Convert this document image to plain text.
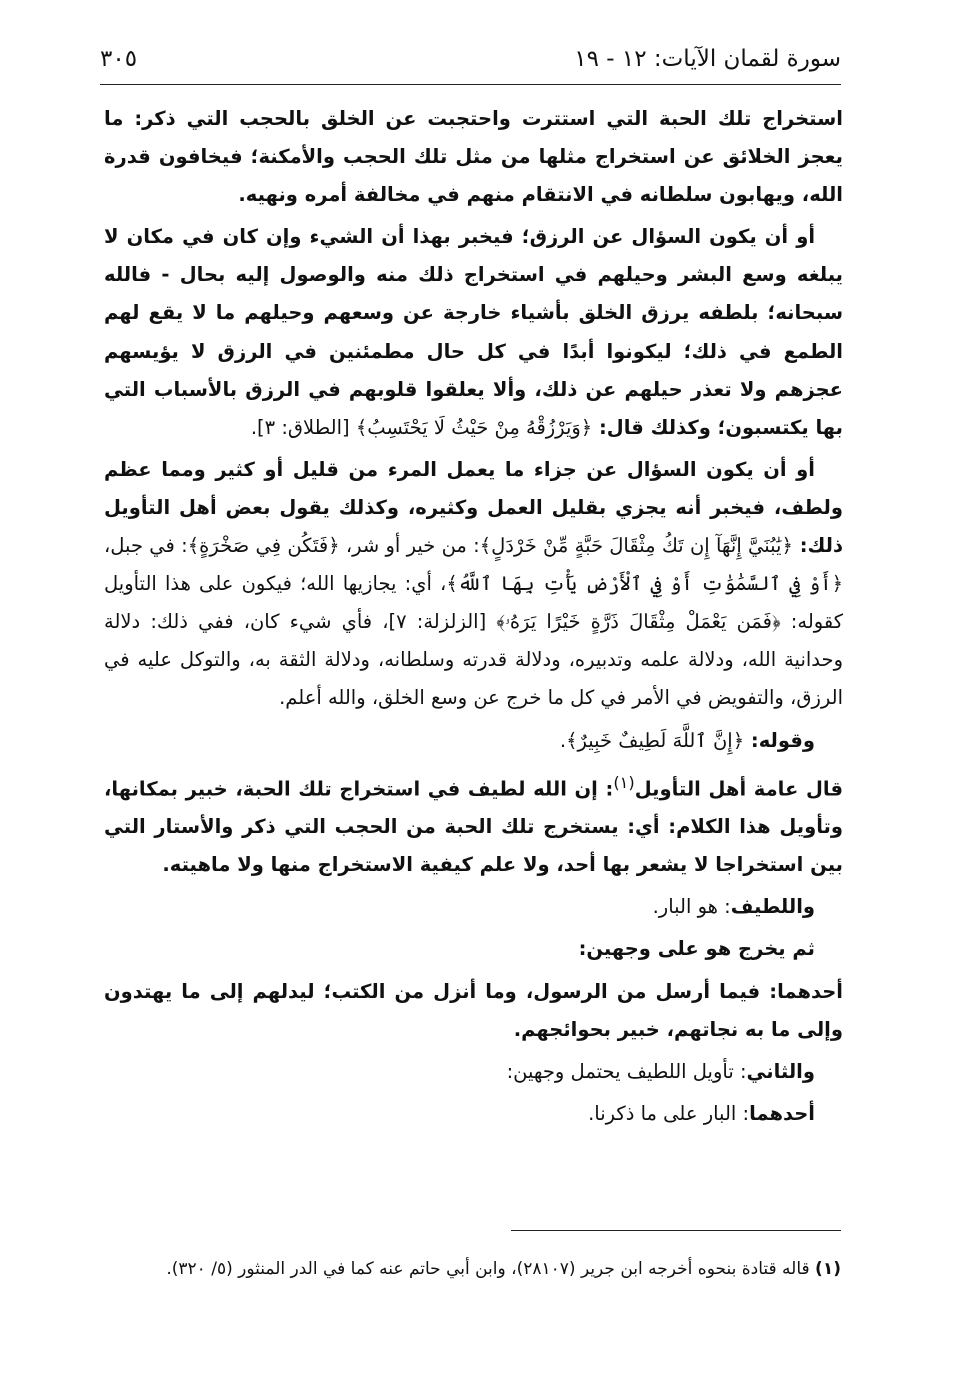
سورة لقمان الآيات: ١٢ - ١٩
٣٠٥

استخراج تلك الحبة التي استترت واحتجبت عن الخلق بالحجب التي ذكر: ما يعجز الخلائق عن استخراج مثلها من مثل تلك الحجب والأمكنة؛ فيخافون قدرة الله، ويهابون سلطانه في الانتقام منهم في مخالفة أمره ونهيه.

أو أن يكون السؤال عن الرزق؛ فيخبر بهذا أن الشيء وإن كان في مكان لا يبلغه وسع البشر وحيلهم في استخراج ذلك منه والوصول إليه بحال - فالله سبحانه؛ بلطفه يرزق الخلق بأشياء خارجة عن وسعهم وحيلهم ما لا يقع لهم الطمع في ذلك؛ ليكونوا أبدًا في كل حال مطمئنين في الرزق لا يؤيسهم عجزهم ولا تعذر حيلهم عن ذلك، وألا يعلقوا قلوبهم في الرزق بالأسباب التي بها يكتسبون؛ وكذلك قال: ﴿وَيَرْزُقْهُ مِنْ حَيْثُ لَا يَحْتَسِبُ﴾ [الطلاق: ٣].

أو أن يكون السؤال عن جزاء ما يعمل المرء من قليل أو كثير ومما عظم ولطف، فيخبر أنه يجزي بقليل العمل وكثيره، وكذلك يقول بعض أهل التأويل ذلك: ﴿يَٰبُنَيَّ إِنَّهَآ إِن تَكُ مِثْقَالَ حَبَّةٍ مِّنْ خَرْدَلٍ﴾: من خير أو شر، ﴿فَتَكُن فِي صَخْرَةٍ﴾: في جبل، ﴿أَوْ فِي ٱلسَّمَٰوَٰتِ أَوْ فِي ٱلْأَرْضِ يَأْتِ بِهَا ٱللَّهُ﴾، أي: يجازيها الله؛ فيكون على هذا التأويل كقوله: ﴿فَمَن يَعْمَلْ مِثْقَالَ ذَرَّةٍ خَيْرًا يَرَهُۥ﴾ [الزلزلة: ٧]، فأي شيء كان، ففي ذلك: دلالة وحدانية الله، ودلالة علمه وتدبيره، ودلالة قدرته وسلطانه، ودلالة الثقة به، والتوكل عليه في الرزق، والتفويض في الأمر في كل ما خرج عن وسع الخلق، والله أعلم.

وقوله: ﴿إِنَّ ٱللَّهَ لَطِيفٌ خَبِيرٌ﴾.

قال عامة أهل التأويل$^{(١)}$: إن الله لطيف في استخراج تلك الحبة، خبير بمكانها، وتأويل هذا الكلام: أي: يستخرج تلك الحبة من الحجب التي ذكر والأستار التي بين استخراجا لا يشعر بها أحد، ولا علم كيفية الاستخراج منها ولا ماهيته.

واللطيف: هو البار.

ثم يخرج هو على وجهين:

أحدهما: فيما أرسل من الرسول، وما أنزل من الكتب؛ ليدلهم إلى ما يهتدون وإلى ما به نجاتهم، خبير بحوائجهم.

والثاني: تأويل اللطيف يحتمل وجهين:

أحدهما: البار على ما ذكرنا.

(١) قاله قتادة بنحوه أخرجه ابن جرير (٢٨١٠٧)، وابن أبي حاتم عنه كما في الدر المنثور (٥/ ٣٢٠).
